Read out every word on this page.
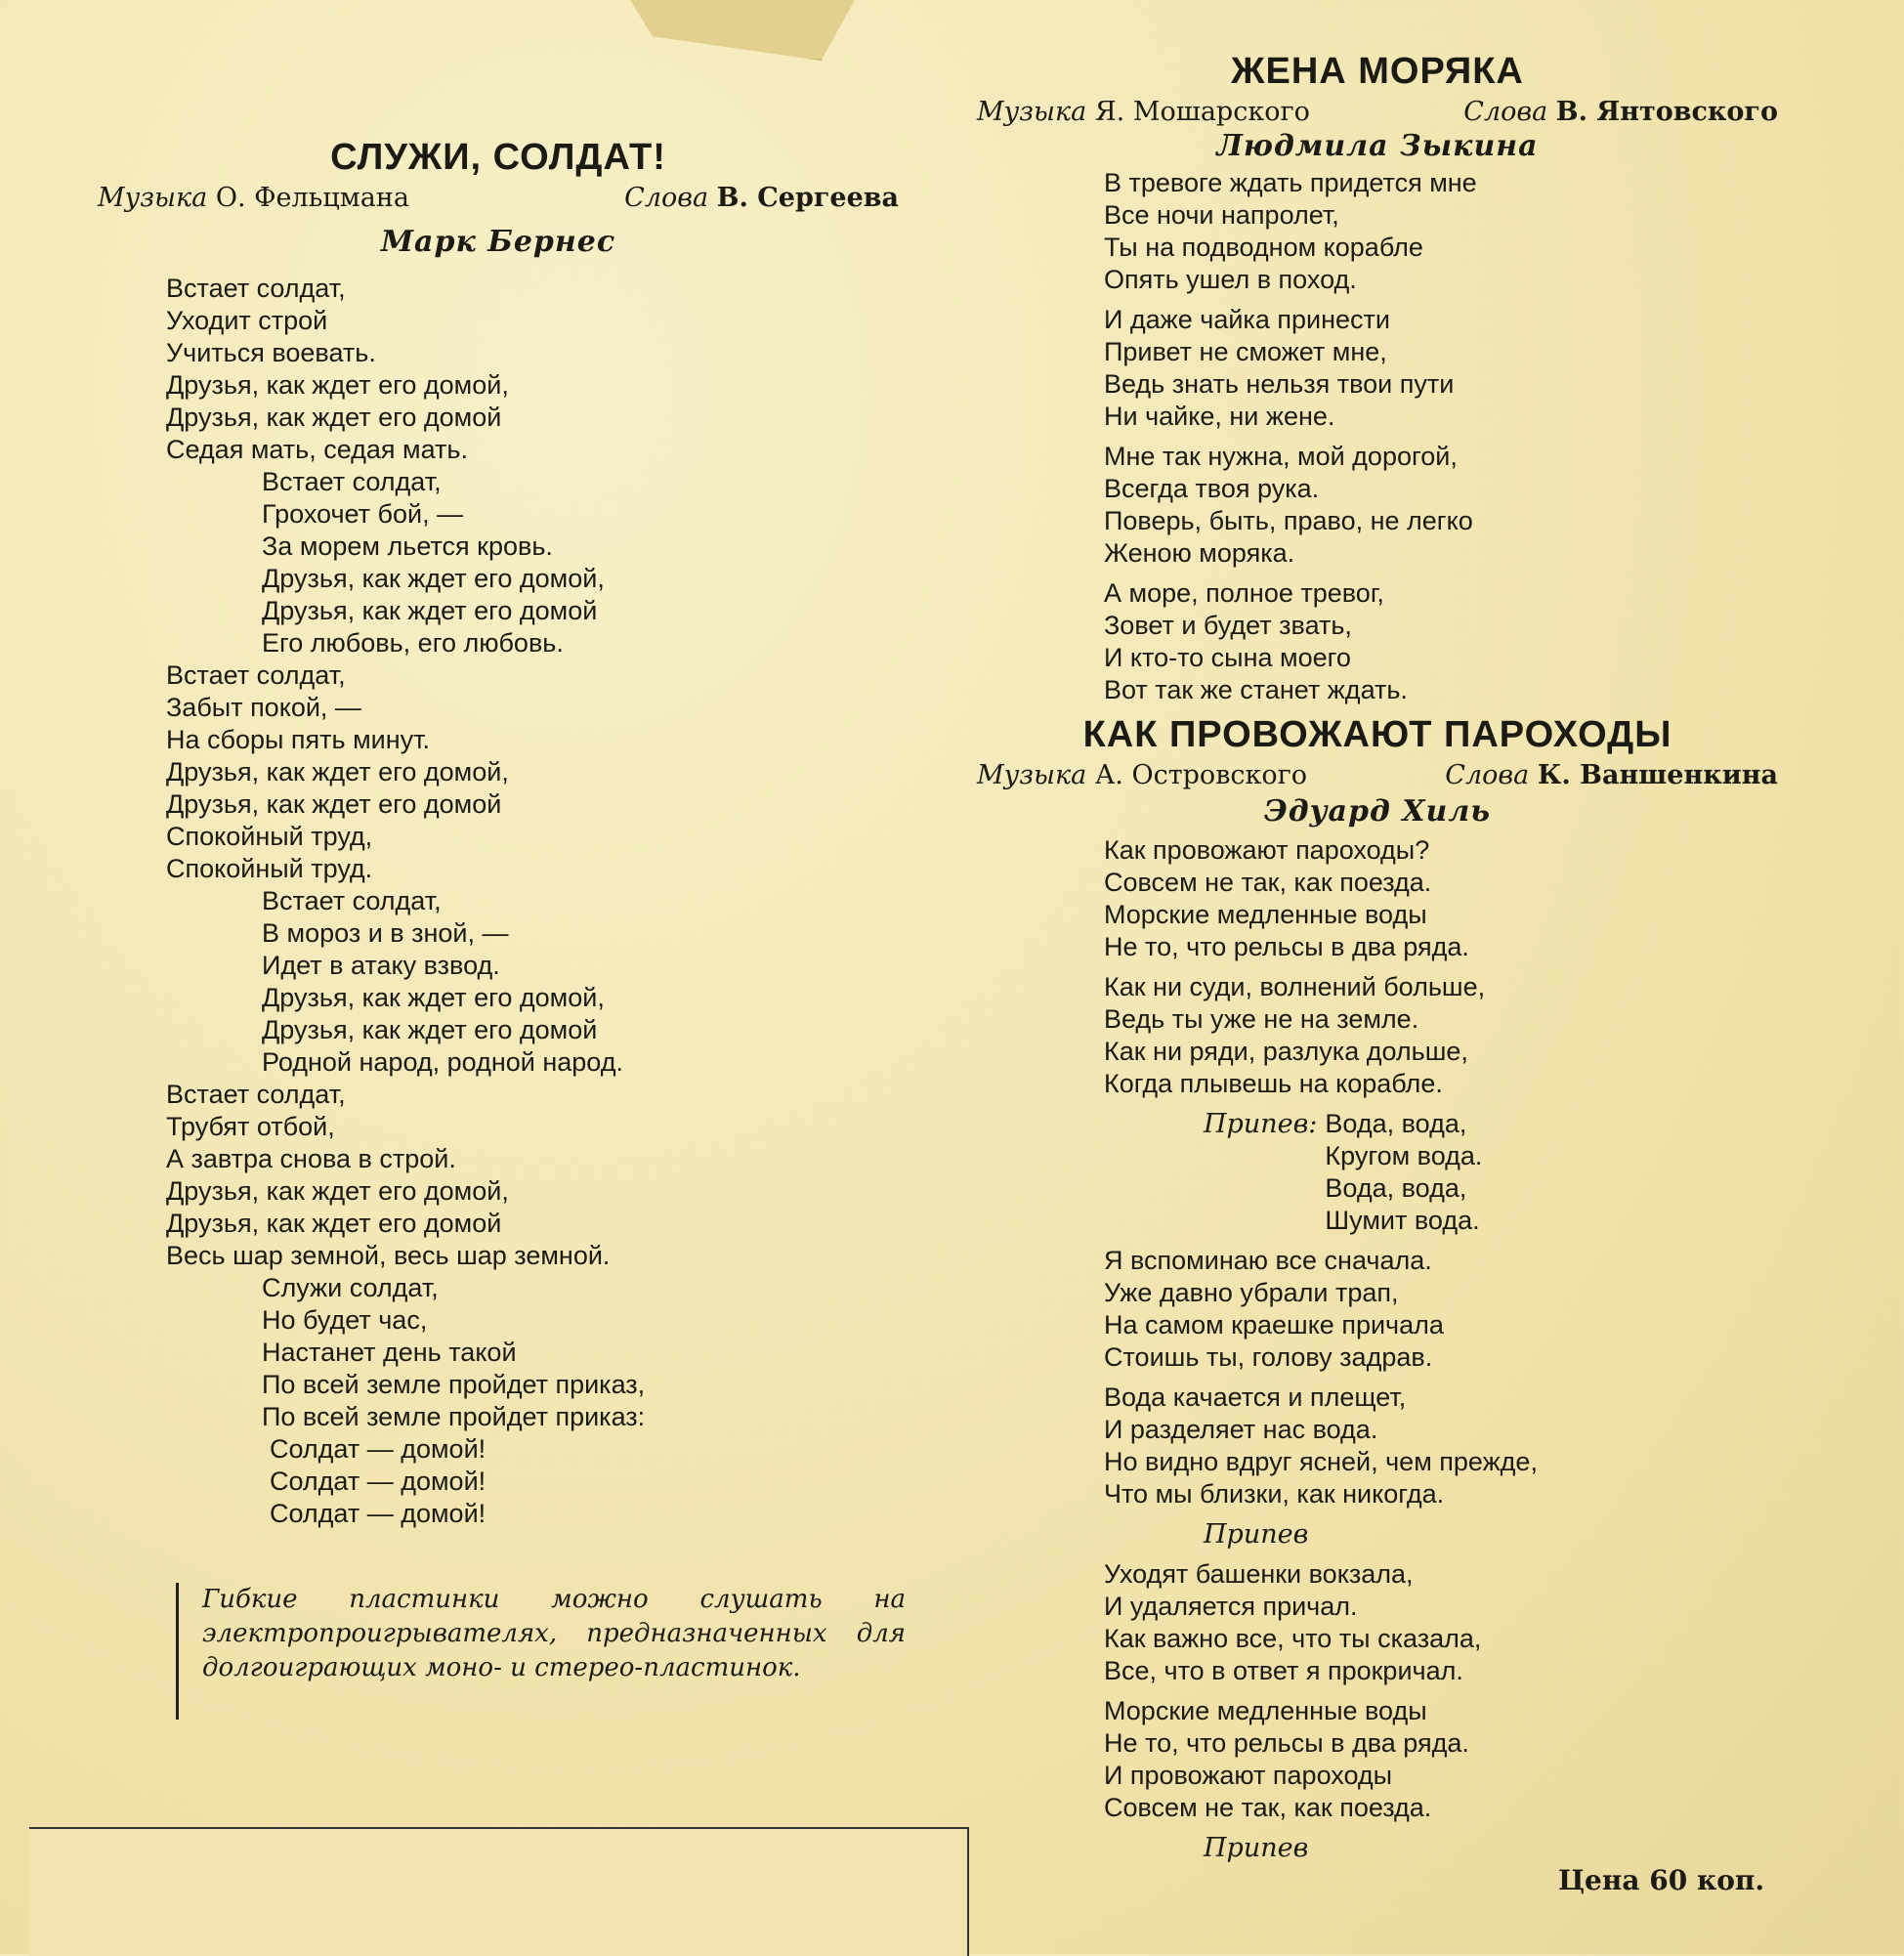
СЛУЖИ, СОЛДАТ!
Музыка О. Фельцмана	Слова В. Сергеева
Марк Бернес
Встает солдат,
Уходит строй
Учиться воевать.
Друзья, как ждет его домой,
Друзья, как ждет его домой
Седая мать, седая мать.
Встает солдат,
Грохочет бой, —
За морем льется кровь.
Друзья, как ждет его домой,
Друзья, как ждет его домой
Его любовь, его любовь.
Встает солдат,
Забыт покой, —
На сборы пять минут.
Друзья, как ждет его домой,
Друзья, как ждет его домой
Спокойный труд,
Спокойный труд.
Встает солдат,
В мороз и в зной, —
Идет в атаку взвод.
Друзья, как ждет его домой,
Друзья, как ждет его домой
Родной народ, родной народ.
Встает солдат,
Трубят отбой,
А завтра снова в строй.
Друзья, как ждет его домой,
Друзья, как ждет его домой
Весь шар земной, весь шар земной.
Служи солдат,
Но будет час,
Настанет день такой
По всей земле пройдет приказ,
По всей земле пройдет приказ:
Солдат — домой!
Солдат — домой!
Солдат — домой!
Гибкие пластинки можно слушать на электропроигрывателях, предназначенных для долгоиграющих моно- и стерео-пластинок.
ЖЕНА МОРЯКА
Музыка Я. Мошарского	Слова В. Янтовского
Людмила Зыкина
В тревоге ждать придется мне
Все ночи напролет,
Ты на подводном корабле
Опять ушел в поход.
И даже чайка принести
Привет не сможет мне,
Ведь знать нельзя твои пути
Ни чайке, ни жене.
Мне так нужна, мой дорогой,
Всегда твоя рука.
Поверь, быть, право, не легко
Женою моряка.
А море, полное тревог,
Зовет и будет звать,
И кто-то сына моего
Вот так же станет ждать.
КАК ПРОВОЖАЮТ ПАРОХОДЫ
Музыка А. Островского	Слова К. Ваншенкина
Эдуард Хиль
Как провожают пароходы?
Совсем не так, как поезда.
Морские медленные воды
Не то, что рельсы в два ряда.
Как ни суди, волнений больше,
Ведь ты уже не на земле.
Как ни ряди, разлука дольше,
Когда плывешь на корабле.
Припев: Вода, вода,
Кругом вода.
Вода, вода,
Шумит вода.
Я вспоминаю все сначала.
Уже давно убрали трап,
На самом краешке причала
Стоишь ты, голову задрав.
Вода качается и плещет,
И разделяет нас вода.
Но видно вдруг ясней, чем прежде,
Что мы близки, как никогда.
Припев
Уходят башенки вокзала,
И удаляется причал.
Как важно все, что ты сказала,
Все, что в ответ я прокричал.
Морские медленные воды
Не то, что рельсы в два ряда.
И провожают пароходы
Совсем не так, как поезда.
Припев
Цена 60 коп.
